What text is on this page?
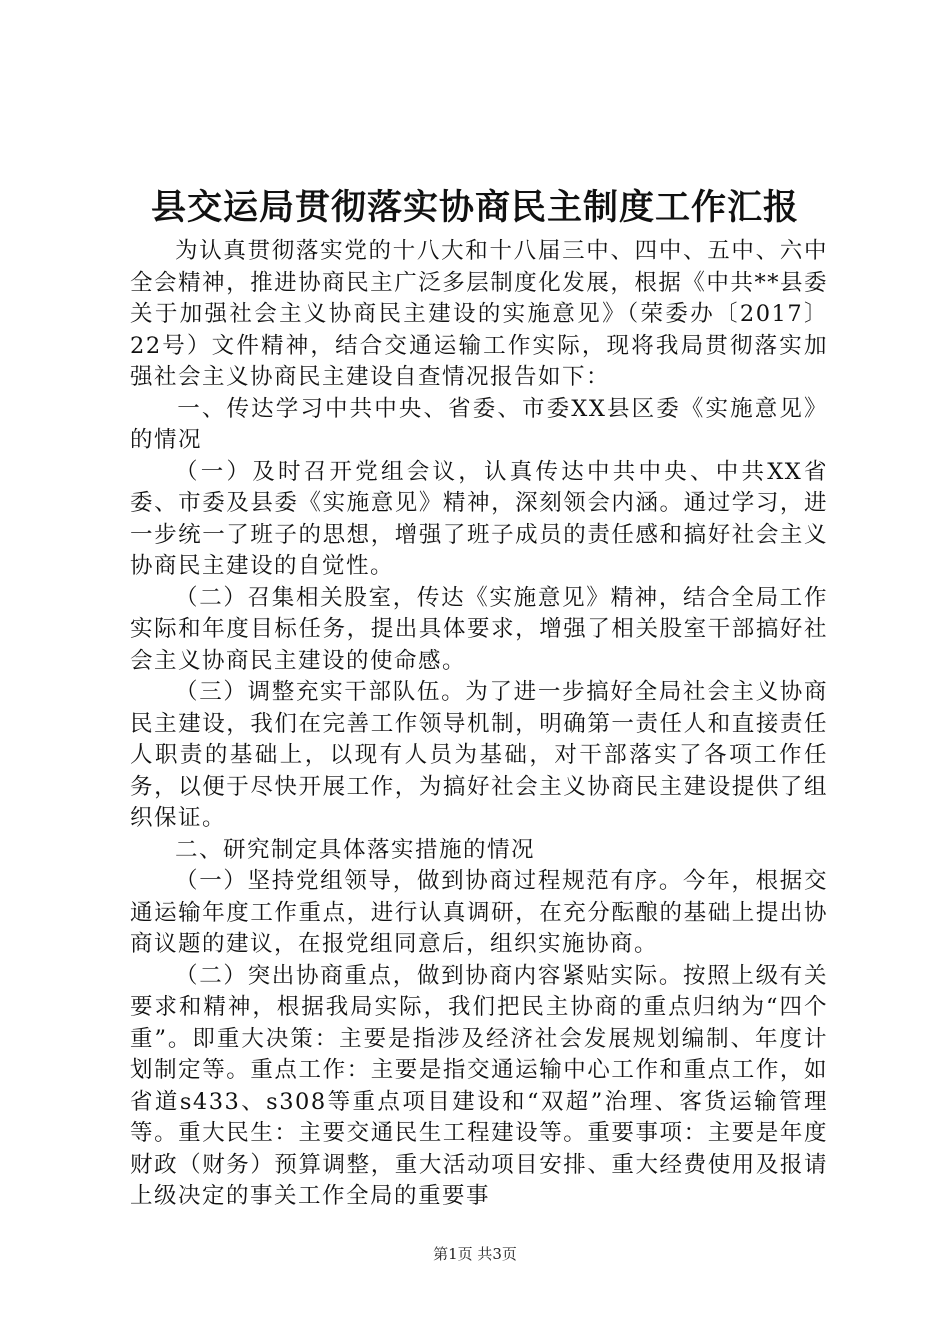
县交运局贯彻落实协商民主制度工作汇报

为认真贯彻落实党的十八大和十八届三中、四中、五中、六中全会精神，推进协商民主广泛多层制度化发展，根据《中共**县委关于加强社会主义协商民主建设的实施意见》（荣委办〔2017〕22号）文件精神，结合交通运输工作实际，现将我局贯彻落实加强社会主义协商民主建设自查情况报告如下：

一、传达学习中共中央、省委、市委XX县区委《实施意见》的情况

（一）及时召开党组会议，认真传达中共中央、中共XX省委、市委及县委《实施意见》精神，深刻领会内涵。通过学习，进一步统一了班子的思想，增强了班子成员的责任感和搞好社会主义协商民主建设的自觉性。

（二）召集相关股室，传达《实施意见》精神，结合全局工作实际和年度目标任务，提出具体要求，增强了相关股室干部搞好社会主义协商民主建设的使命感。

（三）调整充实干部队伍。为了进一步搞好全局社会主义协商民主建设，我们在完善工作领导机制，明确第一责任人和直接责任人职责的基础上，以现有人员为基础，对干部落实了各项工作任务，以便于尽快开展工作，为搞好社会主义协商民主建设提供了组织保证。

二、研究制定具体落实措施的情况

（一）坚持党组领导，做到协商过程规范有序。今年，根据交通运输年度工作重点，进行认真调研，在充分酝酿的基础上提出协商议题的建议，在报党组同意后，组织实施协商。

（二）突出协商重点，做到协商内容紧贴实际。按照上级有关要求和精神，根据我局实际，我们把民主协商的重点归纳为“四个重”。即重大决策：主要是指涉及经济社会发展规划编制、年度计划制定等。重点工作：主要是指交通运输中心工作和重点工作，如省道s433、s308等重点项目建设和“双超”治理、客货运输管理等。重大民生：主要交通民生工程建设等。重要事项：主要是年度财政（财务）预算调整，重大活动项目安排、重大经费使用及报请上级决定的事关工作全局的重要事

第1页 共3页
